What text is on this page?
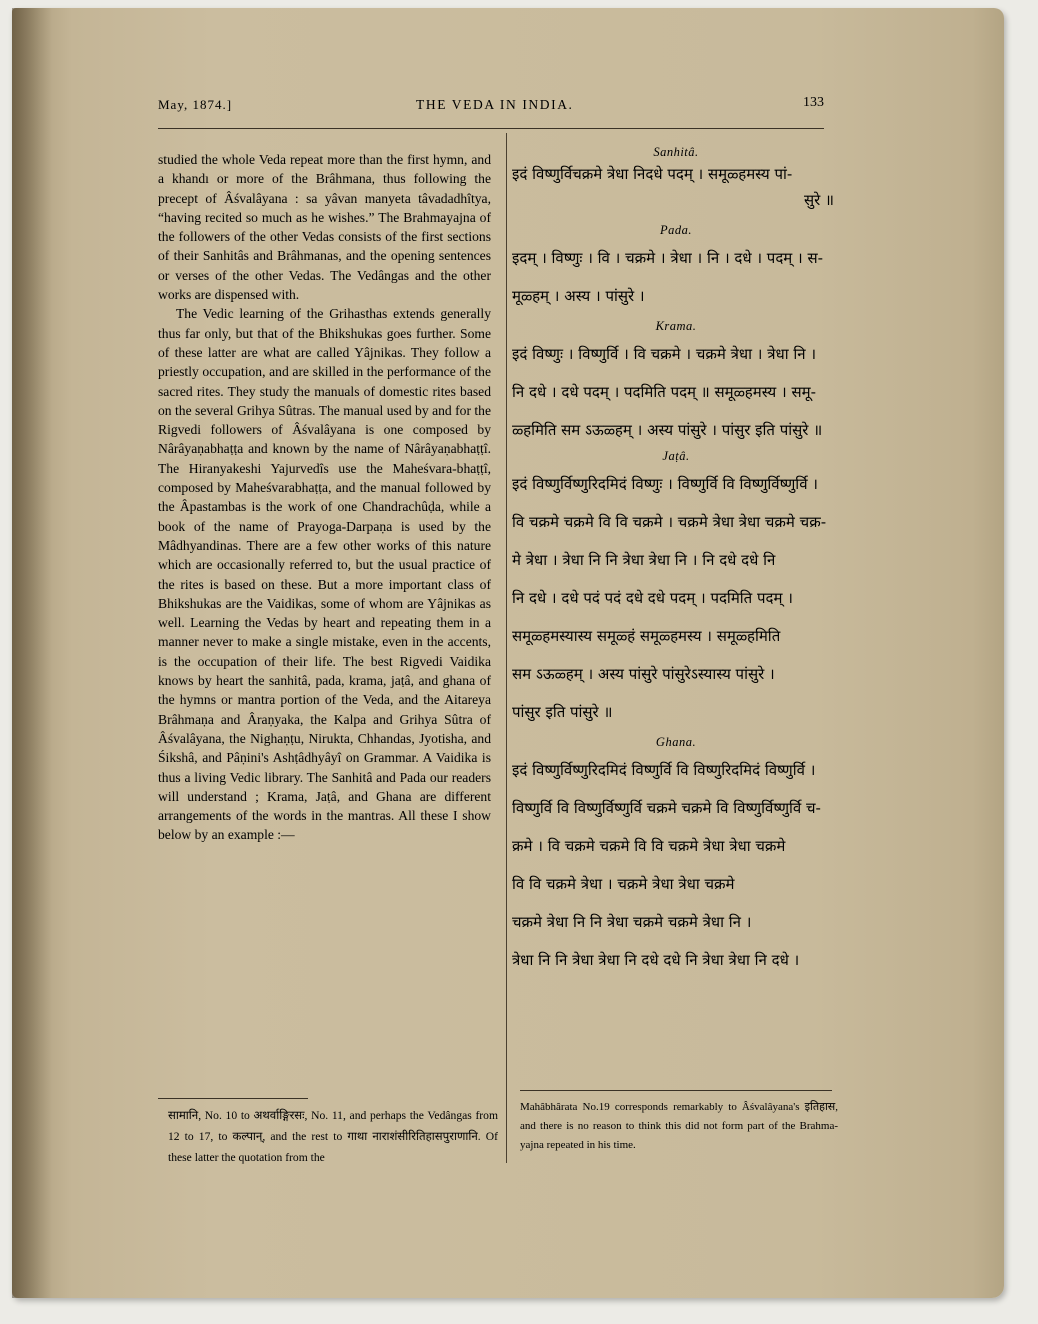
May, 1874.]	THE VEDA IN INDIA.	133

studied the whole Veda repeat more than the first hymn, and a khandı or more of the Brâhmana, thus following the precept of Âśvalâyana : sa yâvan manyeta tâvadadhîtya, “having recited so much as he wishes.” The Brahmayajna of the followers of the other Vedas consists of the first sections of their Sanhitâs and Brâhmanas, and the opening sentences or verses of the other Vedas. The Vedângas and the other works are dispensed with.

The Vedic learning of the Grihasthas extends generally thus far only, but that of the Bhikshukas goes further. Some of these latter are what are called Yâjnikas. They follow a priestly occupation, and are skilled in the performance of the sacred rites. They study the manuals of domestic rites based on the several Grihya Sûtras. The manual used by and for the Rigvedi followers of Âśvalâyana is one composed by Nârâyaṇabhaṭṭa and known by the name of Nârâyaṇabhaṭṭî. The Hiranyakeshi Yajurvedîs use the Maheśvara-bhaṭṭî, composed by Maheśvarabhaṭṭa, and the manual followed by the Âpastambas is the work of one Chandrachûḍa, while a book of the name of Prayoga-Darpaṇa is used by the Mâdhyandinas. There are a few other works of this nature which are occasionally referred to, but the usual practice of the rites is based on these. But a more important class of Bhikshukas are the Vaidikas, some of whom are Yâjnikas as well. Learning the Vedas by heart and repeating them in a manner never to make a single mistake, even in the accents, is the occupation of their life. The best Rigvedi Vaidika knows by heart the sanhitâ, pada, krama, jaṭâ, and ghana of the hymns or mantra portion of the Veda, and the Aitareya Brâhmaṇa and Âraṇyaka, the Kalpa and Grihya Sûtra of Âśvalâyana, the Nighaṇṭu, Nirukta, Chhandas, Jyotisha, and Śikshâ, and Pâṇini's Ashṭâdhyâyî on Grammar. A Vaidika is thus a living Vedic library. The Sanhitâ and Pada our readers will understand ; Krama, Jaṭâ, and Ghana are different arrangements of the words in the mantras. All these I show below by an example :—

सामानि, No. 10 to अथर्वाङ्गिरसः, No. 11, and perhaps the Vedângas from 12 to 17, to कल्पान्, and the rest to गाथा नाराशंसीरितिहासपुराणानि. Of these latter the quotation from the
Sanhitâ.
इदं विष्णुर्विचक्रमे त्रेधा निदधे पदम् । समूळ्हमस्य पां-
सुरे ॥
Pada.
इदम् । विष्णुः । वि । चक्रमे । त्रेधा । नि । दधे । पदम् । स-
मूळ्हम् । अस्य । पांसुरे ।
Krama.
इदं विष्णुः । विष्णुर्वि । वि चक्रमे । चक्रमे त्रेधा । त्रेधा नि ।
नि दधे । दधे पदम् । पदमिति पदम् ॥ समूळ्हमस्य । समू-
ळ्हमिति सम ऽऊळ्हम् । अस्य पांसुरे । पांसुर इति पांसुरे ॥
Jaṭâ.
इदं विष्णुर्विष्णुरिदमिदं विष्णुः । विष्णुर्वि वि विष्णुर्विष्णुर्वि ।
वि चक्रमे चक्रमे वि वि चक्रमे । चक्रमे त्रेधा त्रेधा चक्रमे चक्र-
मे त्रेधा । त्रेधा नि नि त्रेधा त्रेधा नि । नि दधे दधे नि
नि दधे । दधे पदं पदं दधे दधे पदम् । पदमिति पदम् ।
समूळ्हमस्यास्य समूळ्हं समूळ्हमस्य । समूळ्हमिति
सम ऽऊळ्हम् । अस्य पांसुरे पांसुरेऽस्यास्य पांसुरे ।
पांसुर इति पांसुरे ॥
Ghana.
इदं विष्णुर्विष्णुरिदमिदं विष्णुर्वि वि विष्णुरिदमिदं विष्णुर्वि ।
विष्णुर्वि वि विष्णुर्विष्णुर्वि चक्रमे चक्रमे वि विष्णुर्विष्णुर्वि च-
क्रमे । वि चक्रमे चक्रमे वि वि चक्रमे त्रेधा त्रेधा चक्रमे
वि वि चक्रमे त्रेधा । चक्रमे त्रेधा त्रेधा चक्रमे
चक्रमे त्रेधा नि नि त्रेधा चक्रमे चक्रमे त्रेधा नि ।
त्रेधा नि नि त्रेधा त्रेधा नि दधे दधे नि त्रेधा त्रेधा नि दधे ।
Mahâbhârata No.19 corresponds remarkably to Âśvalâyana's इतिहास, and there is no reason to think this did not form part of the Brahma-yajna repeated in his time.
